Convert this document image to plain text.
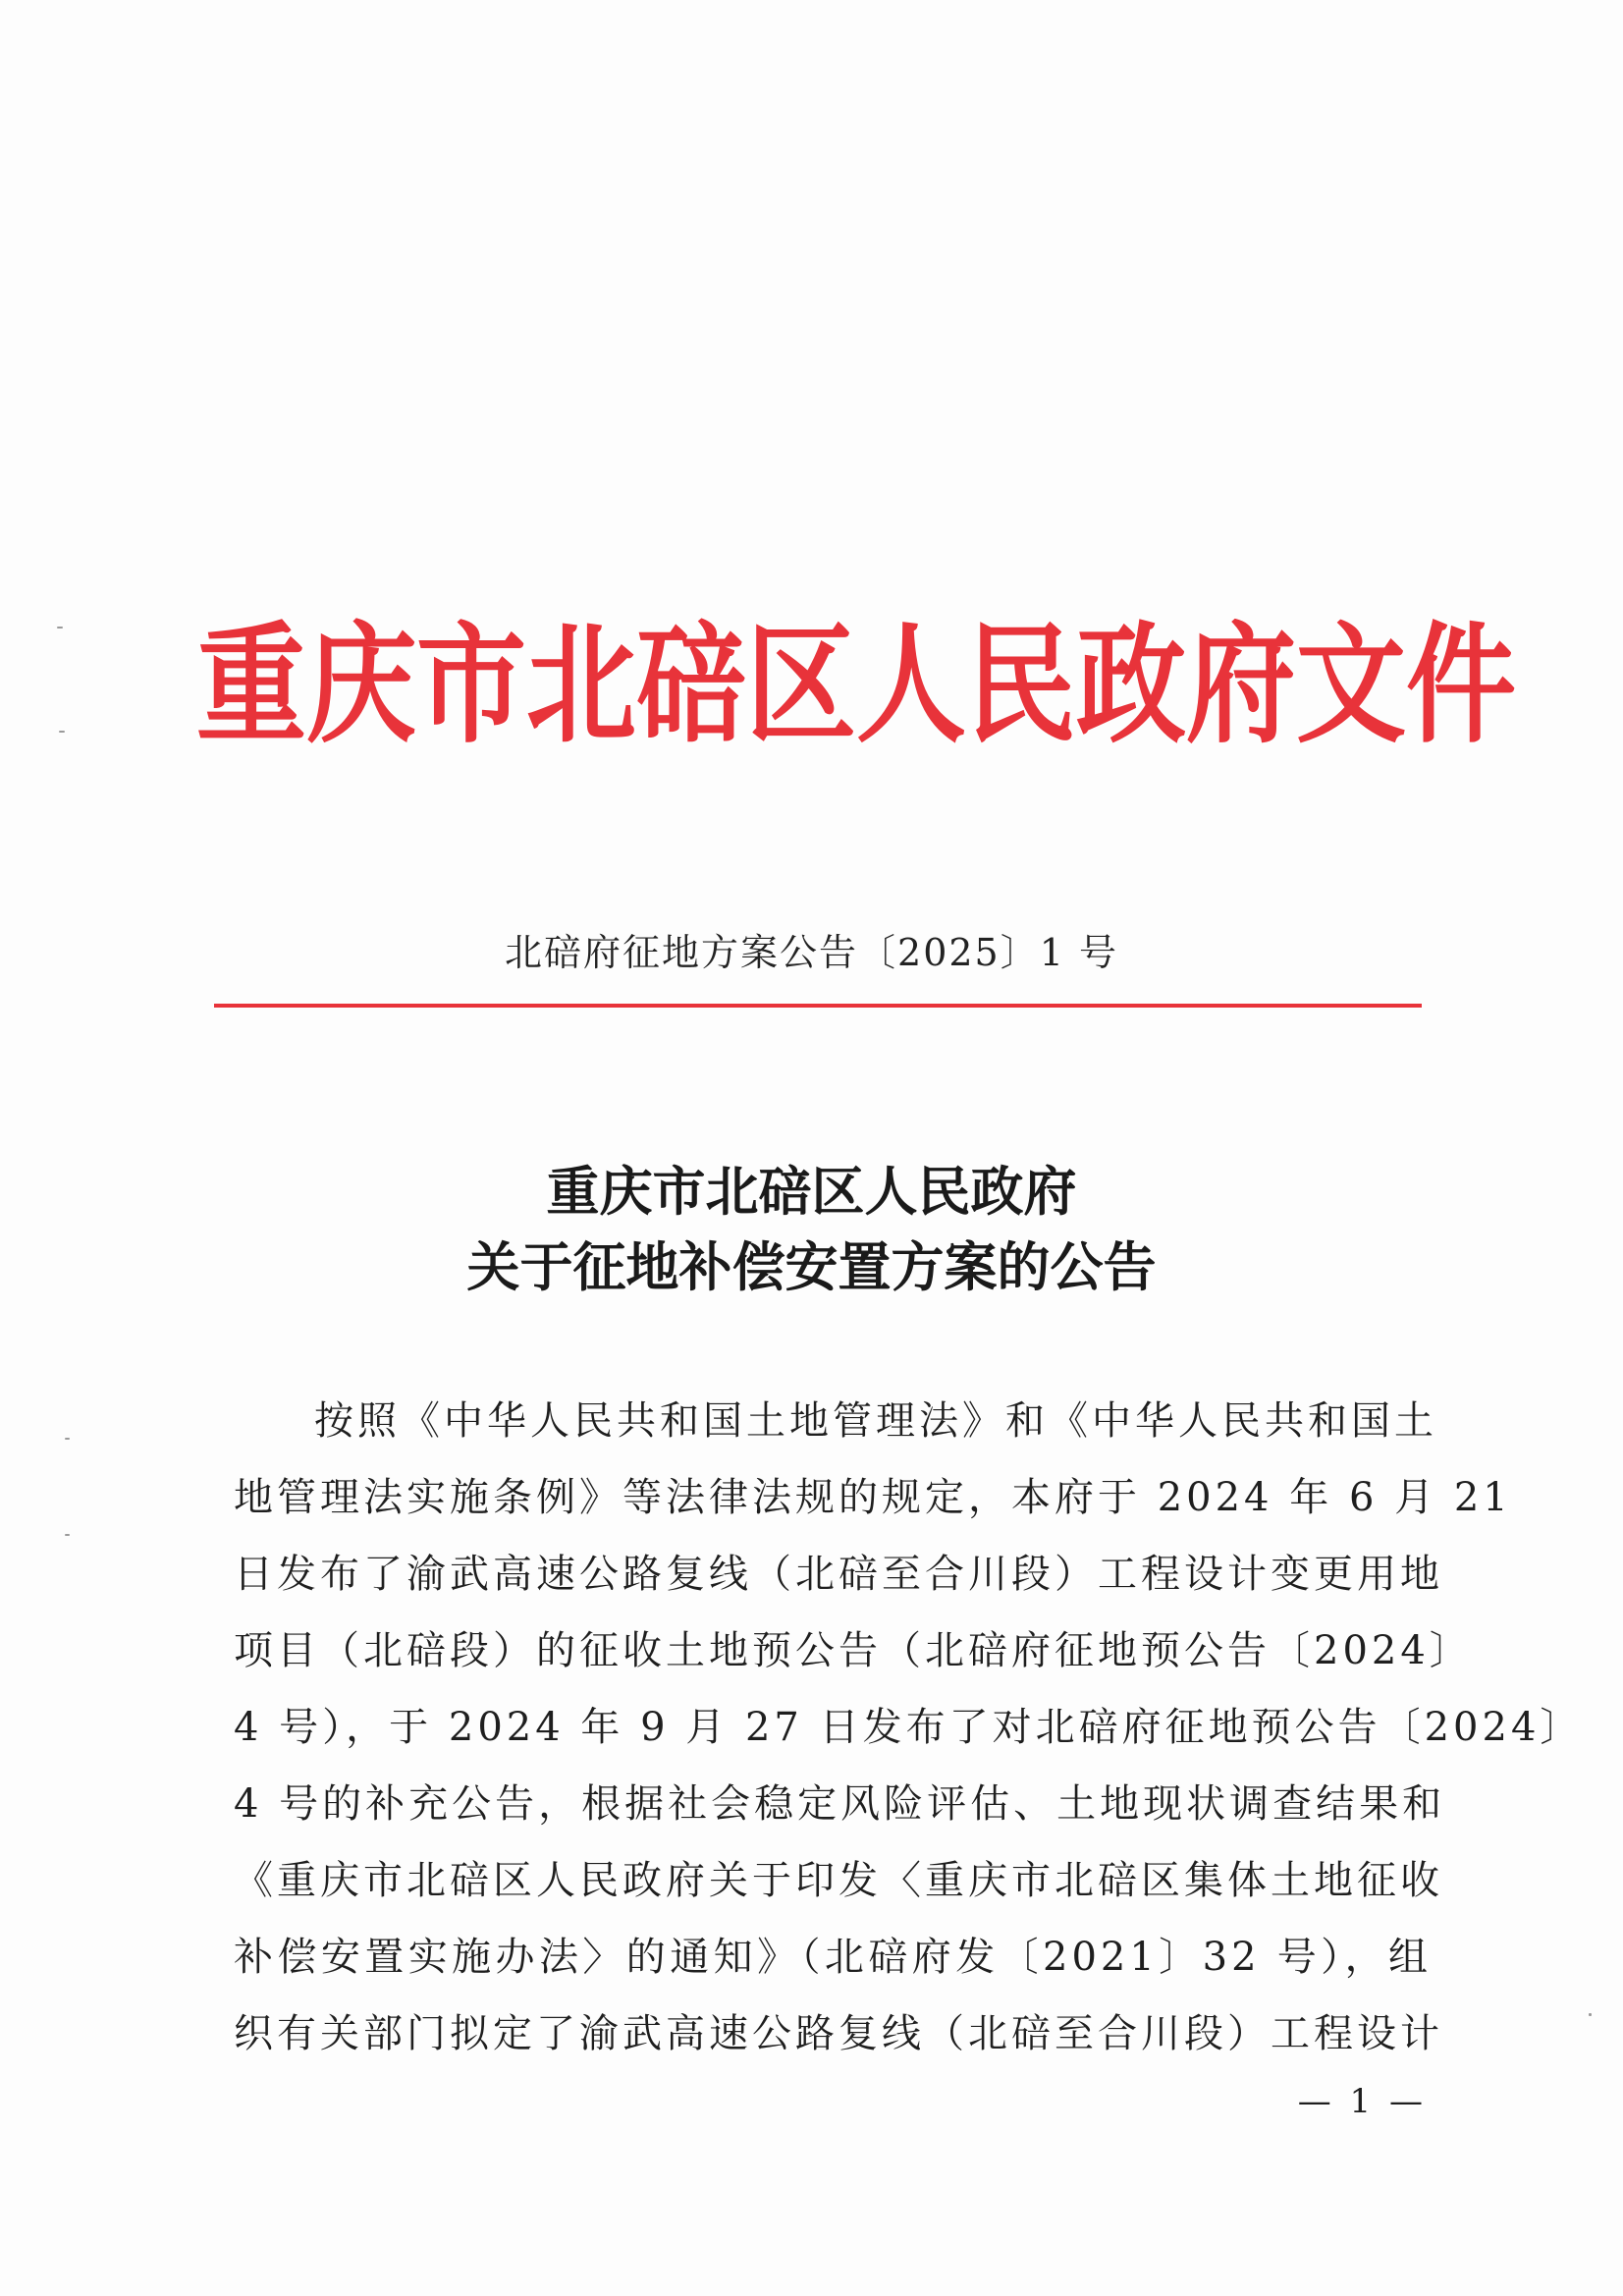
重庆市北碚区人民政府文件
北碚府征地方案公告〔2025〕1 号
重庆市北碚区人民政府
关于征地补偿安置方案的公告
按照《中华人民共和国土地管理法》和《中华人民共和国土
地管理法实施条例》等法律法规的规定，本府于 2024 年 6 月 21
日发布了渝武高速公路复线（北碚至合川段）工程设计变更用地
项目（北碚段）的征收土地预公告（北碚府征地预公告〔2024〕
4 号），于 2024 年 9 月 27 日发布了对北碚府征地预公告〔2024〕
4 号的补充公告，根据社会稳定风险评估、土地现状调查结果和
《重庆市北碚区人民政府关于印发〈重庆市北碚区集体土地征收
补偿安置实施办法〉的通知》（北碚府发〔2021〕32 号），组
织有关部门拟定了渝武高速公路复线（北碚至合川段）工程设计
— 1 —
